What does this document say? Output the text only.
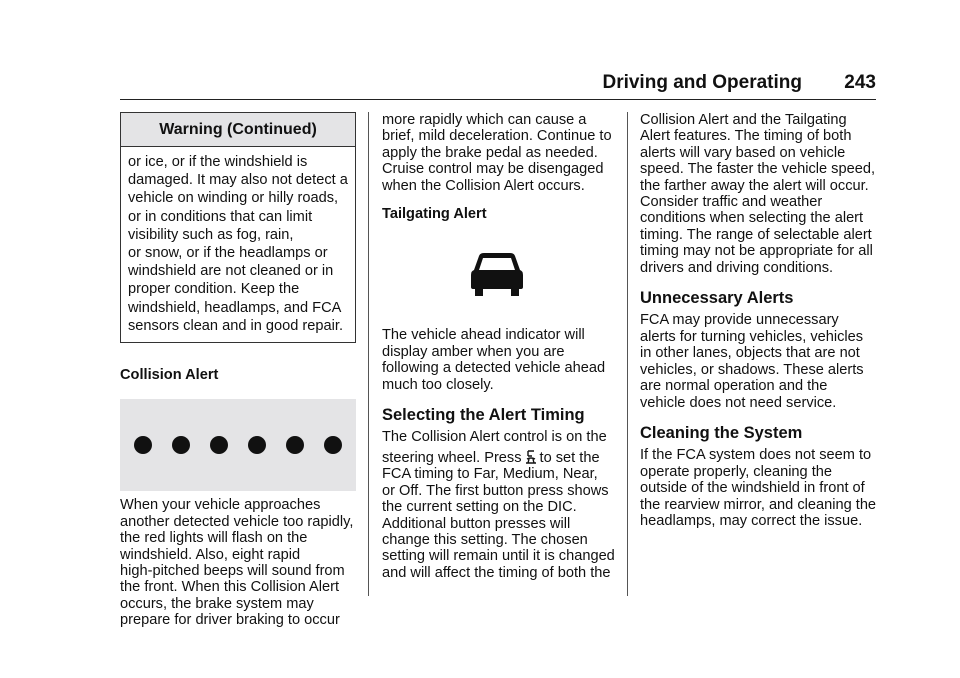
Driving and Operating 243
Warning (Continued)
or ice, or if the windshield is
damaged. It may also not detect a
vehicle on winding or hilly roads,
or in conditions that can limit
visibility such as fog, rain,
or snow, or if the headlamps or
windshield are not cleaned or in
proper condition. Keep the
windshield, headlamps, and FCA
sensors clean and in good repair.
Collision Alert

When your vehicle approaches
another detected vehicle too rapidly,
the red lights will flash on the
windshield. Also, eight rapid
high-pitched beeps will sound from
the front. When this Collision Alert
occurs, the brake system may
prepare for driver braking to occur

more rapidly which can cause a
brief, mild deceleration. Continue to
apply the brake pedal as needed.
Cruise control may be disengaged
when the Collision Alert occurs.

Tailgating Alert

The vehicle ahead indicator will
display amber when you are
following a detected vehicle ahead
much too closely.

Selecting the Alert Timing

The Collision Alert control is on the
steering wheel. Press to set the
FCA timing to Far, Medium, Near,
or Off. The first button press shows
the current setting on the DIC.
Additional button presses will
change this setting. The chosen
setting will remain until it is changed
and will affect the timing of both the

Collision Alert and the Tailgating
Alert features. The timing of both
alerts will vary based on vehicle
speed. The faster the vehicle speed,
the farther away the alert will occur.
Consider traffic and weather
conditions when selecting the alert
timing. The range of selectable alert
timing may not be appropriate for all
drivers and driving conditions.

Unnecessary Alerts

FCA may provide unnecessary
alerts for turning vehicles, vehicles
in other lanes, objects that are not
vehicles, or shadows. These alerts
are normal operation and the
vehicle does not need service.

Cleaning the System

If the FCA system does not seem to
operate properly, cleaning the
outside of the windshield in front of
the rearview mirror, and cleaning the
headlamps, may correct the issue.
